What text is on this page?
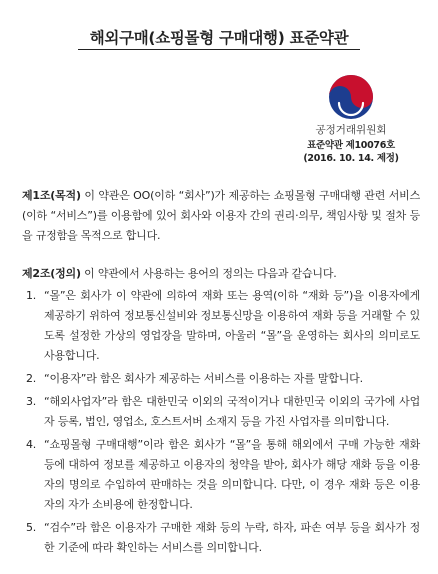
해외구매(쇼핑몰형 구매대행) 표준약관
공정거래위원회
표준약관 제10076호
(2016. 10. 14. 제정)
제1조(목적) 이 약관은 OO(이하 “회사”)가 제공하는 쇼핑몰형 구매대행 관련 서비스(이하 “서비스”)를 이용함에 있어 회사와 이용자 간의 권리·의무, 책임사항 및 절차 등을 규정함을 목적으로 합니다.
제2조(정의) 이 약관에서 사용하는 용어의 정의는 다음과 같습니다.
1. “몰”은 회사가 이 약관에 의하여 재화 또는 용역(이하 “재화 등”)을 이용자에게 제공하기 위하여 정보통신설비와 정보통신망을 이용하여 재화 등을 거래할 수 있도록 설정한 가상의 영업장을 말하며, 아울러 “몰”을 운영하는 회사의 의미로도 사용합니다.
2. “이용자”라 함은 회사가 제공하는 서비스를 이용하는 자를 말합니다.
3. “해외사업자”라 함은 대한민국 이외의 국적이거나 대한민국 이외의 국가에 사업자 등록, 법인, 영업소, 호스트서버 소재지 등을 가진 사업자를 의미합니다.
4. “쇼핑몰형 구매대행”이라 함은 회사가 “몰”을 통해 해외에서 구매 가능한 재화 등에 대하여 정보를 제공하고 이용자의 청약을 받아, 회사가 해당 재화 등을 이용자의 명의로 수입하여 판매하는 것을 의미합니다. 다만, 이 경우 재화 등은 이용자의 자가 소비용에 한정합니다.
5. “검수”라 함은 이용자가 구매한 재화 등의 누락, 하자, 파손 여부 등을 회사가 정한 기준에 따라 확인하는 서비스를 의미합니다.
